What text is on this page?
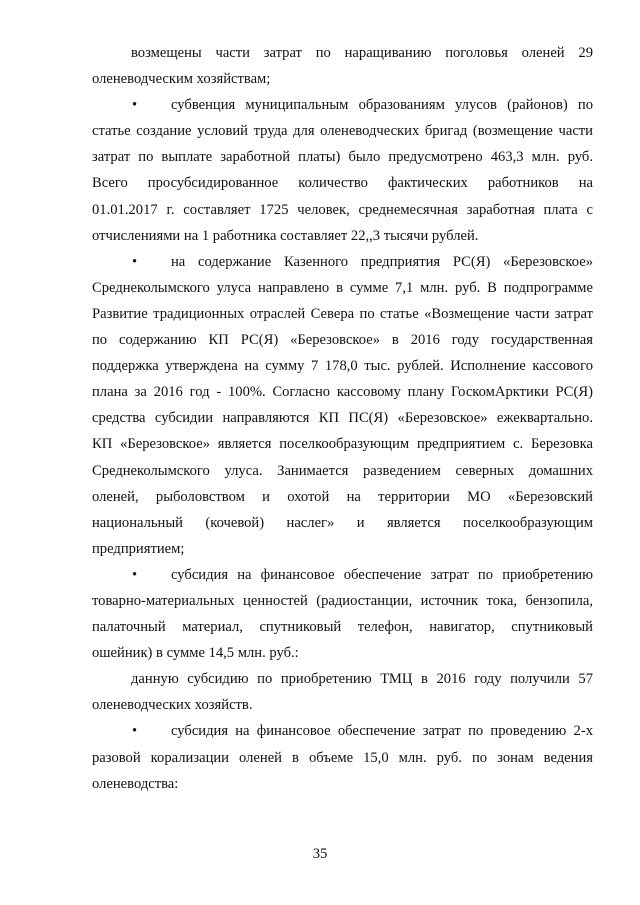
возмещены части затрат по наращиванию поголовья оленей 29
оленеводческим хозяйствам;
• субвенция муниципальным образованиям улусов (районов) по
статье создание условий труда для оленеводческих бригад (возмещение части
затрат по выплате заработной платы) было предусмотрено 463,3 млн. руб.
Всего просубсидированное количество фактических работников на
01.01.2017 г. составляет 1725 человек, среднемесячная заработная плата с
отчислениями на 1 работника составляет 22,,3 тысячи рублей.
• на содержание Казенного предприятия РС(Я) «Березовское»
Среднеколымского улуса направлено в сумме 7,1 млн. руб. В подпрограмме
Развитие традиционных отраслей Севера по статье «Возмещение части затрат
по содержанию КП РС(Я) «Березовское» в 2016 году государственная
поддержка утверждена на сумму 7 178,0 тыс. рублей. Исполнение кассового
плана за 2016 год - 100%. Согласно кассовому плану ГоскомАрктики РС(Я)
средства субсидии направляются КП ПС(Я) «Березовское» ежеквартально.
КП «Березовское» является поселкообразующим предприятием с. Березовка
Среднеколымского улуса. Занимается разведением северных домашних
оленей, рыболовством и охотой на территории МО «Березовский
национальный (кочевой) наслег» и является поселкообразующим
предприятием;
• субсидия на финансовое обеспечение затрат по приобретению
товарно-материальных ценностей (радиостанции, источник тока, бензопила,
палаточный материал, спутниковый телефон, навигатор, спутниковый
ошейник) в сумме 14,5 млн. руб.:
данную субсидию по приобретению ТМЦ в 2016 году получили 57
оленеводческих хозяйств.
• субсидия на финансовое обеспечение затрат по проведению 2-х
разовой корализации оленей в объеме 15,0 млн. руб. по зонам ведения
оленеводства:
35
